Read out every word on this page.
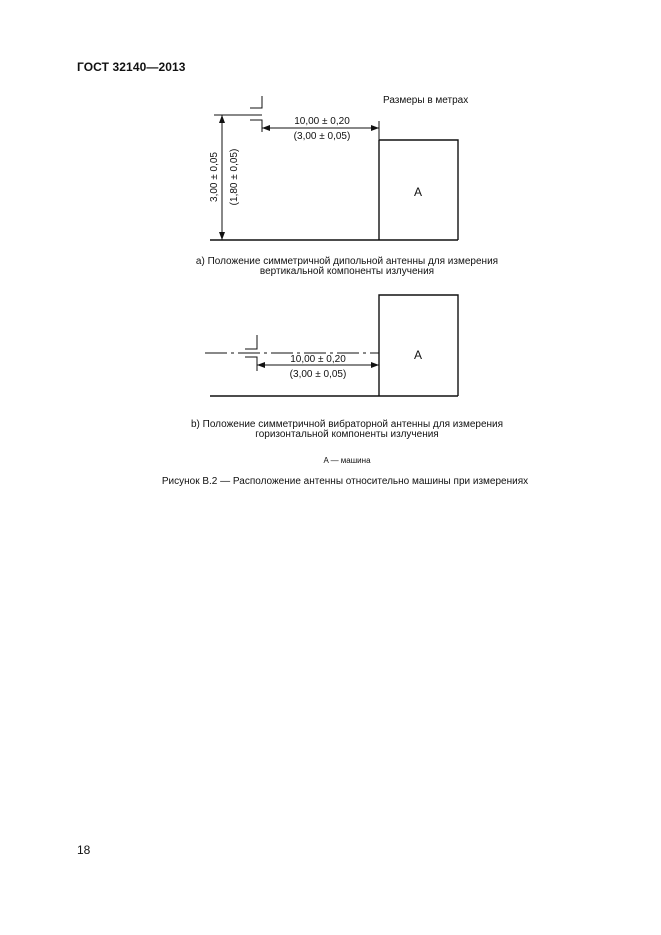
ГОСТ 32140—2013
Размеры в метрах
10,00 ± 0,20
(3,00 ± 0,05)
3,00 ± 0,05 (1,80 ± 0,05)	A
a) Положение симметричной дипольной антенны для измерения
вертикальной компоненты излучения
10,00 ± 0,20
(3,00 ± 0,05)
A
b) Положение симметричной вибраторной антенны для измерения
горизонтальной компоненты излучения
A — машина
Рисунок B.2 — Расположение антенны относительно машины при измерениях
18
